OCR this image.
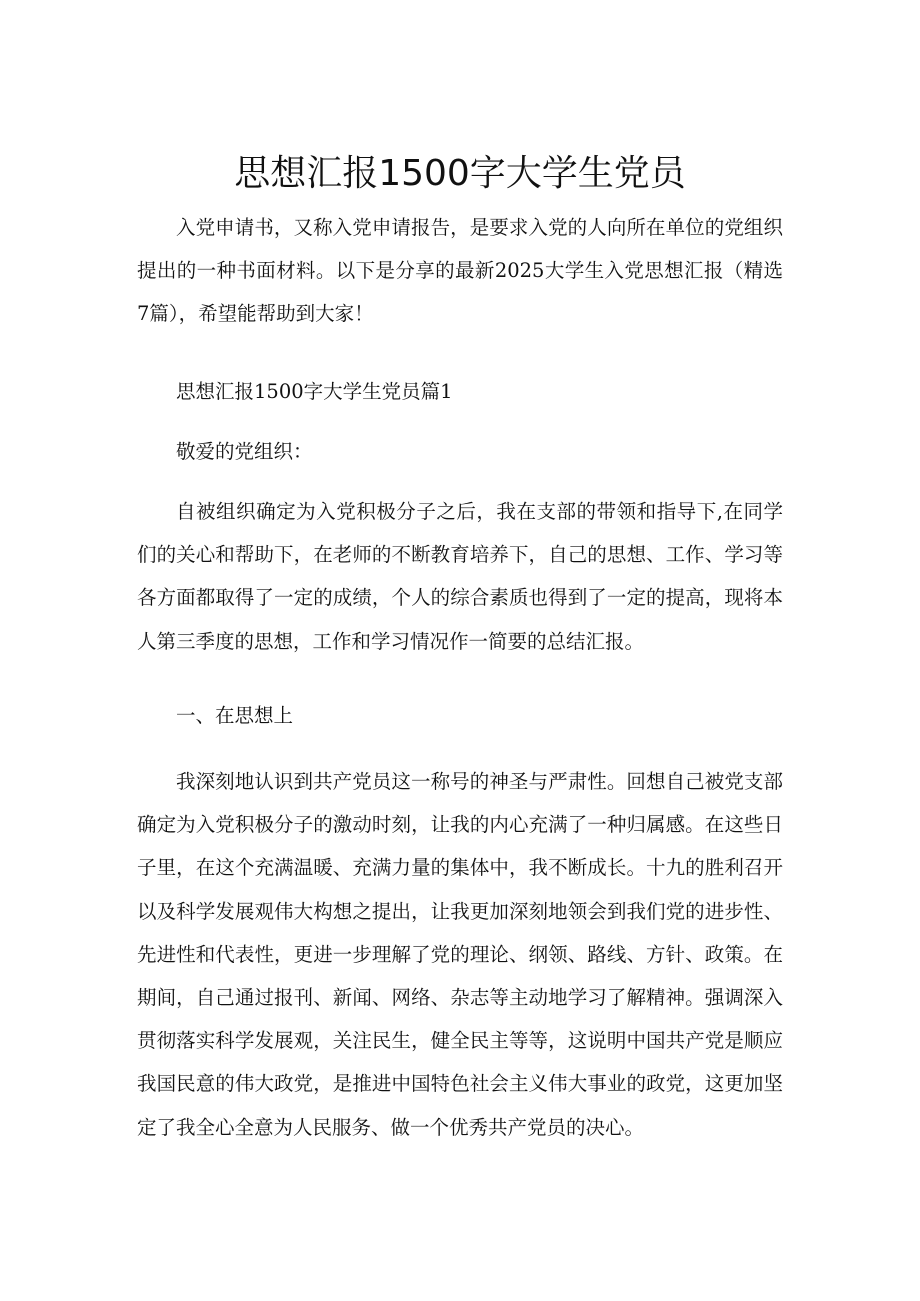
思想汇报1500字大学生党员

入党申请书，又称入党申请报告，是要求入党的人向所在单位的党组织提出的一种书面材料。以下是分享的最新2025大学生入党思想汇报（精选7篇），希望能帮助到大家！

思想汇报1500字大学生党员篇1

敬爱的党组织：

自被组织确定为入党积极分子之后，我在支部的带领和指导下,在同学们的关心和帮助下，在老师的不断教育培养下，自己的思想、工作、学习等各方面都取得了一定的成绩，个人的综合素质也得到了一定的提高，现将本人第三季度的思想，工作和学习情况作一简要的总结汇报。

一、在思想上

我深刻地认识到共产党员这一称号的神圣与严肃性。回想自己被党支部确定为入党积极分子的激动时刻，让我的内心充满了一种归属感。在这些日子里，在这个充满温暖、充满力量的集体中，我不断成长。十九的胜利召开以及科学发展观伟大构想之提出，让我更加深刻地领会到我们党的进步性、先进性和代表性，更进一步理解了党的理论、纲领、路线、方针、政策。在期间，自己通过报刊、新闻、网络、杂志等主动地学习了解精神。强调深入贯彻落实科学发展观，关注民生，健全民主等等，这说明中国共产党是顺应我国民意的伟大政党，是推进中国特色社会主义伟大事业的政党，这更加坚定了我全心全意为人民服务、做一个优秀共产党员的决心。
